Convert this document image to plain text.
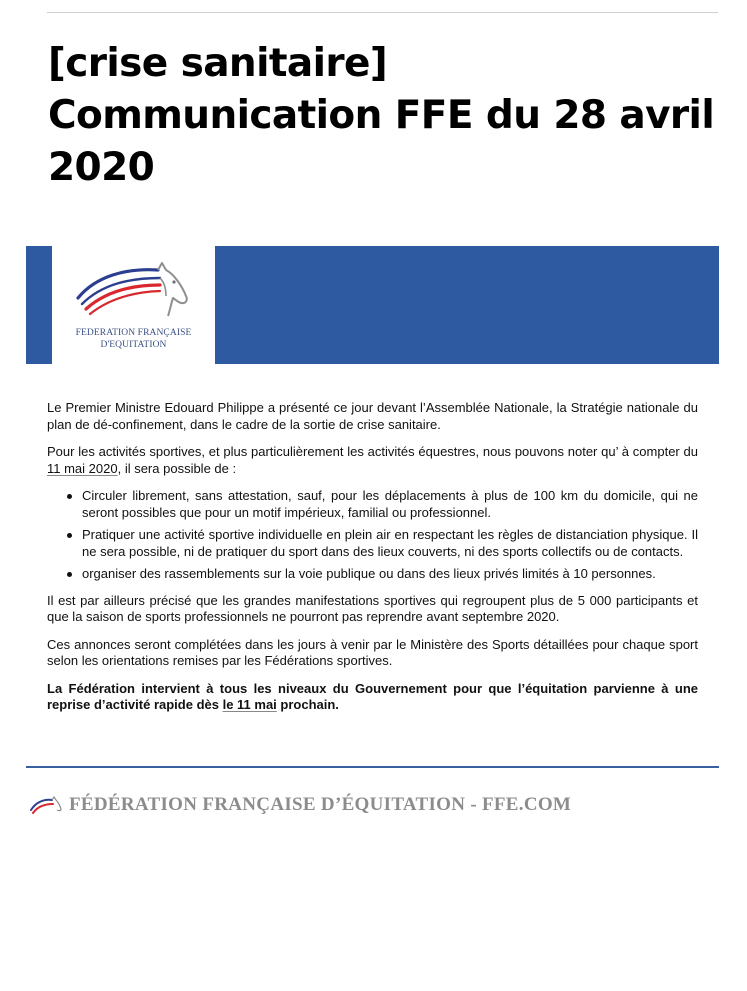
[crise sanitaire]
Communication FFE du 28 avril
2020
FEDERATION FRANÇAISE
D'EQUITATION

Le Premier Ministre Edouard Philippe a présenté ce jour devant l’Assemblée Nationale, la Stratégie nationale du plan de dé-confinement, dans le cadre de la sortie de crise sanitaire.

Pour les activités sportives, et plus particulièrement les activités équestres, nous pouvons noter qu’ à compter du 11 mai 2020, il sera possible de :

Circuler librement, sans attestation, sauf, pour les déplacements à plus de 100 km du domicile, qui ne seront possibles que pour un motif impérieux, familial ou professionnel.
Pratiquer une activité sportive individuelle en plein air en respectant les règles de distanciation physique. Il ne sera possible, ni de pratiquer du sport dans des lieux couverts, ni des sports collectifs ou de contacts.
organiser des rassemblements sur la voie publique ou dans des lieux privés limités à 10 personnes.

Il est par ailleurs précisé que les grandes manifestations sportives qui regroupent plus de 5 000 participants et que la saison de sports professionnels ne pourront pas reprendre avant septembre 2020.

Ces annonces seront complétées dans les jours à venir par le Ministère des Sports détaillées pour chaque sport selon les orientations remises par les Fédérations sportives.

La Fédération intervient à tous les niveaux du Gouvernement pour que l’équitation parvienne à une reprise d’activité rapide dès le 11 mai prochain.

FÉDÉRATION FRANÇAISE D’ÉQUITATION - FFE.COM
